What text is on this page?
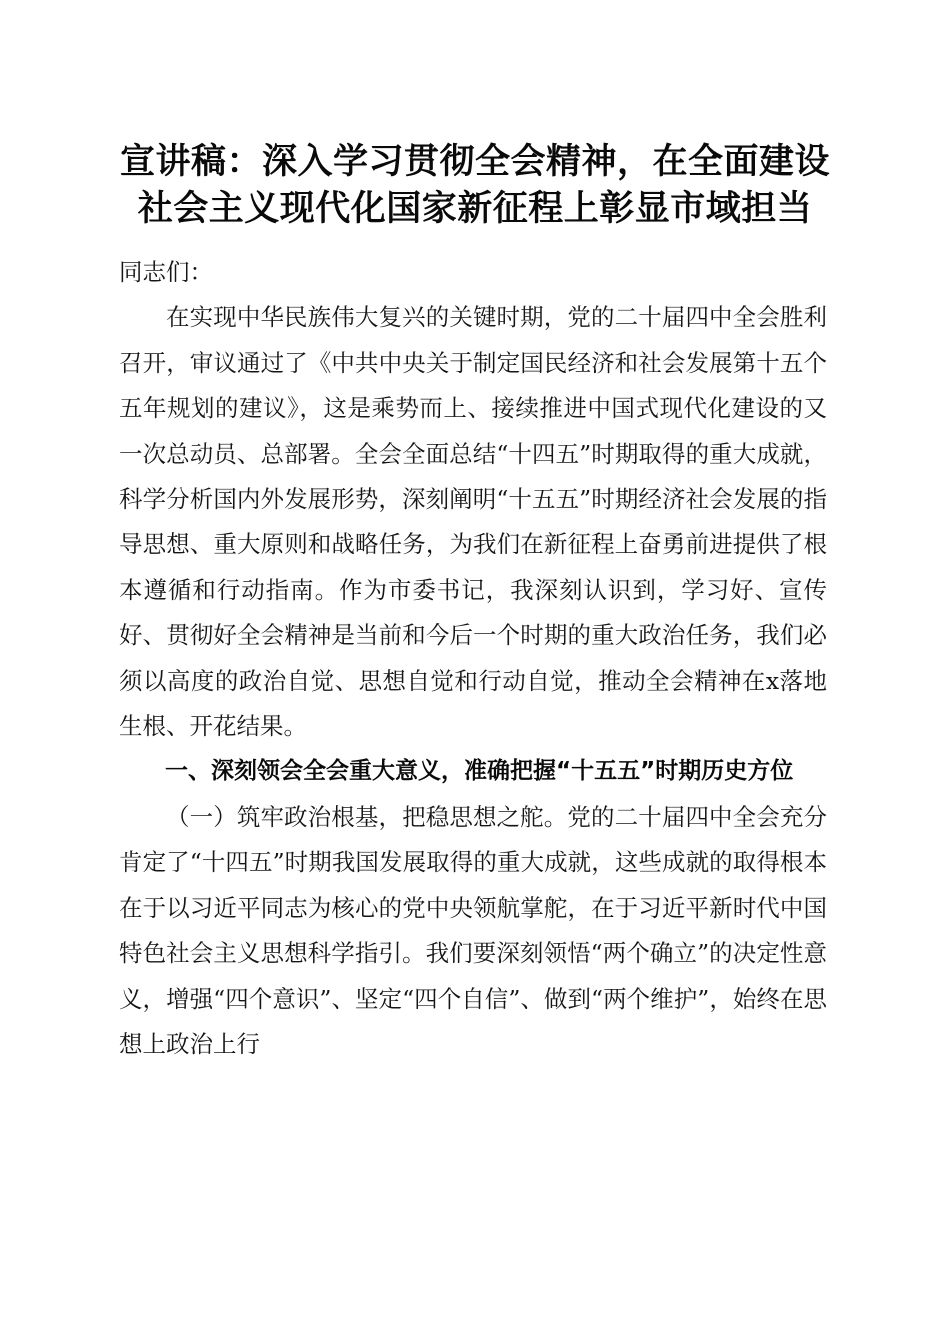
宣讲稿：深入学习贯彻全会精神，在全面建设
社会主义现代化国家新征程上彰显市域担当

同志们：

在实现中华民族伟大复兴的关键时期，党的二十届四中全会胜利召开，审议通过了《中共中央关于制定国民经济和社会发展第十五个五年规划的建议》，这是乘势而上、接续推进中国式现代化建设的又一次总动员、总部署。全会全面总结“十四五”时期取得的重大成就，科学分析国内外发展形势，深刻阐明“十五五”时期经济社会发展的指导思想、重大原则和战略任务，为我们在新征程上奋勇前进提供了根本遵循和行动指南。作为市委书记，我深刻认识到，学习好、宣传好、贯彻好全会精神是当前和今后一个时期的重大政治任务，我们必须以高度的政治自觉、思想自觉和行动自觉，推动全会精神在x落地生根、开花结果。

一、深刻领会全会重大意义，准确把握“十五五”时期历史方位

（一）筑牢政治根基，把稳思想之舵。党的二十届四中全会充分肯定了“十四五”时期我国发展取得的重大成就，这些成就的取得根本在于以习近平同志为核心的党中央领航掌舵，在于习近平新时代中国特色社会主义思想科学指引。我们要深刻领悟“两个确立”的决定性意义，增强“四个意识”、坚定“四个自信”、做到“两个维护”，始终在思想上政治上行
